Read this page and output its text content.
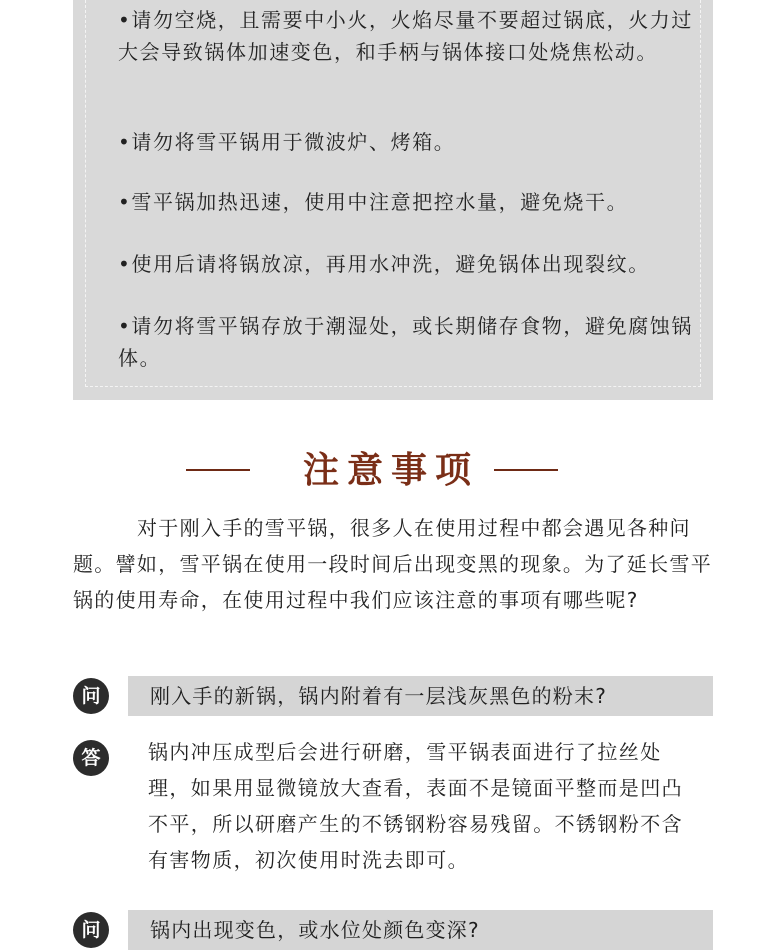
•请勿空烧，且需要中小火，火焰尽量不要超过锅底，火力过大会导致锅体加速变色，和手柄与锅体接口处烧焦松动。
•请勿将雪平锅用于微波炉、烤箱。
•雪平锅加热迅速，使用中注意把控水量，避免烧干。
•使用后请将锅放凉，再用水冲洗，避免锅体出现裂纹。
•请勿将雪平锅存放于潮湿处，或长期储存食物，避免腐蚀锅体。
注意事项
对于刚入手的雪平锅，很多人在使用过程中都会遇见各种问题。譬如，雪平锅在使用一段时间后出现变黑的现象。为了延长雪平锅的使用寿命，在使用过程中我们应该注意的事项有哪些呢?
问	刚入手的新锅，锅内附着有一层浅灰黑色的粉末?
答	锅内冲压成型后会进行研磨，雪平锅表面进行了拉丝处理，如果用显微镜放大查看，表面不是镜面平整而是凹凸不平，所以研磨产生的不锈钢粉容易残留。不锈钢粉不含有害物质，初次使用时洗去即可。
问	锅内出现变色，或水位处颜色变深?
